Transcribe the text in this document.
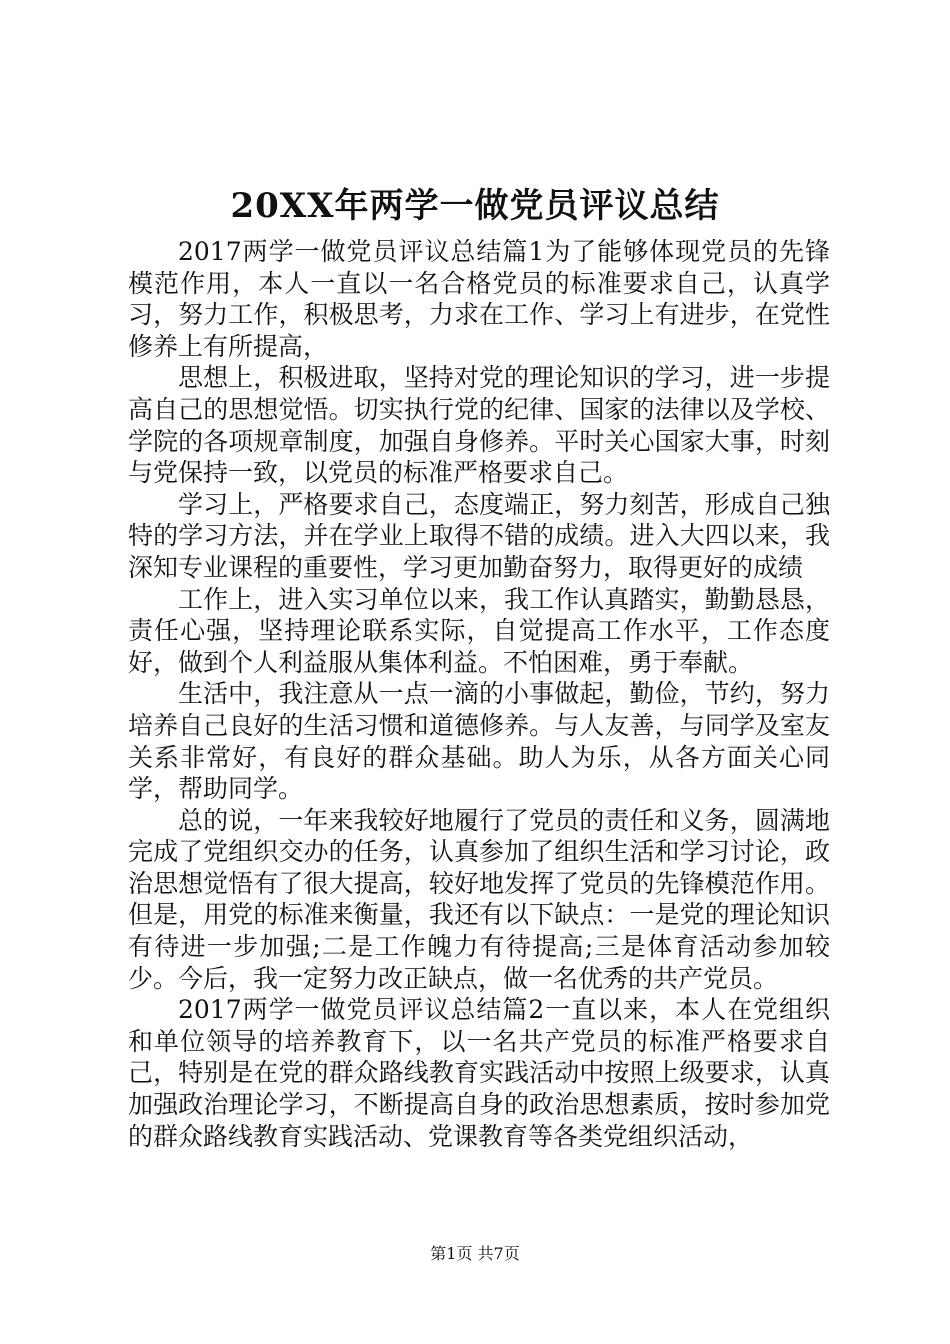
20XX年两学一做党员评议总结

2017两学一做党员评议总结篇1为了能够体现党员的先锋模范作用，本人一直以一名合格党员的标准要求自己，认真学习，努力工作，积极思考，力求在工作、学习上有进步，在党性修养上有所提高，

思想上，积极进取，坚持对党的理论知识的学习，进一步提高自己的思想觉悟。切实执行党的纪律、国家的法律以及学校、学院的各项规章制度，加强自身修养。平时关心国家大事，时刻与党保持一致，以党员的标准严格要求自己。

学习上，严格要求自己，态度端正，努力刻苦，形成自己独特的学习方法，并在学业上取得不错的成绩。进入大四以来，我深知专业课程的重要性，学习更加勤奋努力，取得更好的成绩

工作上，进入实习单位以来，我工作认真踏实，勤勤恳恳，责任心强，坚持理论联系实际，自觉提高工作水平，工作态度好，做到个人利益服从集体利益。不怕困难，勇于奉献。

生活中，我注意从一点一滴的小事做起，勤俭，节约，努力培养自己良好的生活习惯和道德修养。与人友善，与同学及室友关系非常好，有良好的群众基础。助人为乐，从各方面关心同学，帮助同学。

总的说，一年来我较好地履行了党员的责任和义务，圆满地完成了党组织交办的任务，认真参加了组织生活和学习讨论，政治思想觉悟有了很大提高，较好地发挥了党员的先锋模范作用。但是，用党的标准来衡量，我还有以下缺点：一是党的理论知识有待进一步加强;二是工作魄力有待提高;三是体育活动参加较少。今后，我一定努力改正缺点，做一名优秀的共产党员。

2017两学一做党员评议总结篇2一直以来，本人在党组织和单位领导的培养教育下，以一名共产党员的标准严格要求自己，特别是在党的群众路线教育实践活动中按照上级要求，认真加强政治理论学习，不断提高自身的政治思想素质，按时参加党的群众路线教育实践活动、党课教育等各类党组织活动，

第1页 共7页
